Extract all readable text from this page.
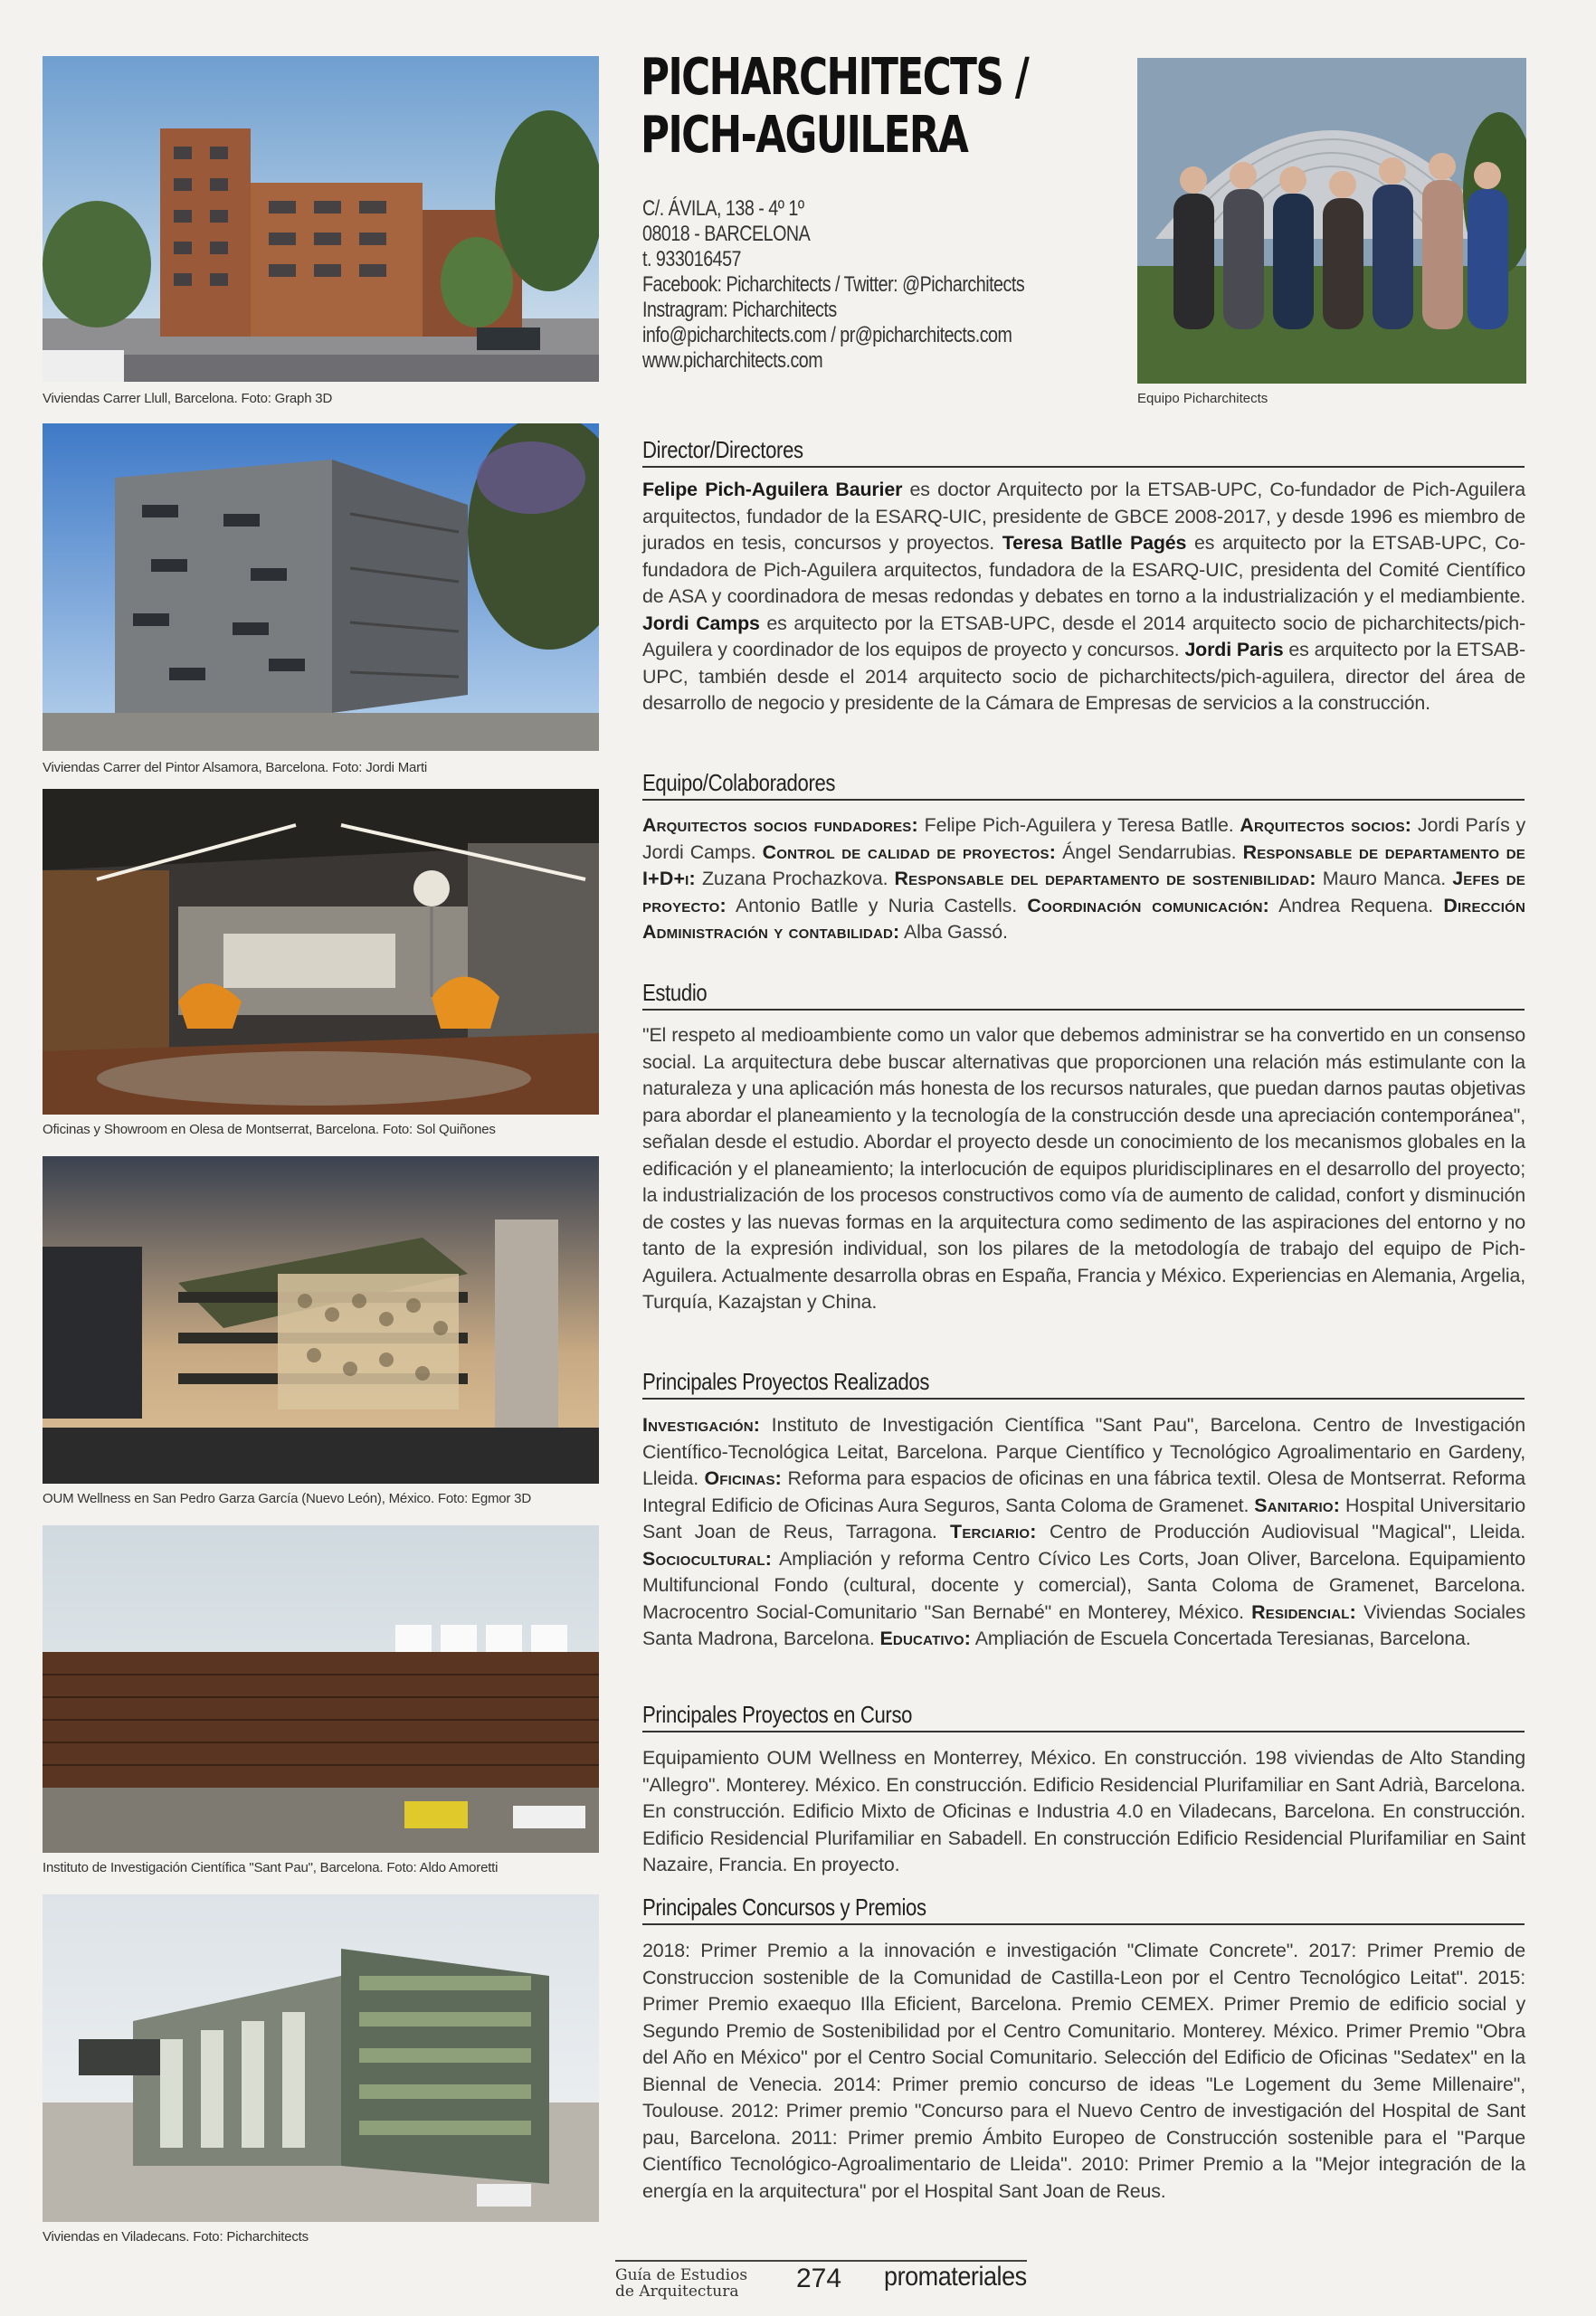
Viviendas Carrer Llull, Barcelona. Foto: Graph 3D
Viviendas Carrer del Pintor Alsamora, Barcelona. Foto: Jordi Marti
Oficinas y Showroom en Olesa de Montserrat, Barcelona. Foto: Sol Quiñones
OUM Wellness en San Pedro Garza García (Nuevo León), México. Foto: Egmor 3D
Instituto de Investigación Científica "Sant Pau", Barcelona. Foto: Aldo Amoretti
Viviendas en Viladecans. Foto: Picharchitects
PICHARCHITECTS /
PICH-AGUILERA
C/. ÁVILA, 138 - 4º 1º
08018 - BARCELONA
t. 933016457
Facebook: Picharchitects / Twitter: @Picharchitects
Instragram: Picharchitects
info@picharchitects.com / pr@picharchitects.com
www.picharchitects.com
Equipo Picharchitects
Director/Directores
Felipe Pich-Aguilera Baurier es doctor Arquitecto por la ETSAB-UPC, Co-fundador de Pich-Aguilera arquitectos, fundador de la ESARQ-UIC, presidente de GBCE 2008-2017, y desde 1996 es miembro de jurados en tesis, concursos y proyectos. Teresa Batlle Pagés es arquitecto por la ETSAB-UPC, Co-fundadora de Pich-Aguilera arquitectos, fundadora de la ESARQ-UIC, presidenta del Comité Científico de ASA y coordinadora de mesas redondas y debates en torno a la industrialización y el mediambiente. Jordi Camps es arquitecto por la ETSAB-UPC, desde el 2014 arquitecto socio de picharchitects/pich-Aguilera y coordinador de los equipos de proyecto y concursos. Jordi Paris es arquitecto por la ETSAB-UPC, también desde el 2014 arquitecto socio de picharchitects/pich-aguilera, director del área de desarrollo de negocio y presidente de la Cámara de Empresas de servicios a la construcción.
Equipo/Colaboradores
Arquitectos socios fundadores: Felipe Pich-Aguilera y Teresa Batlle. Arquitectos socios: Jordi París y Jordi Camps. Control de calidad de proyectos: Ángel Sendarrubias. Responsable de departamento de I+D+i: Zuzana Prochazkova. Responsable del departamento de sostenibilidad: Mauro Manca. Jefes de proyecto: Antonio Batlle y Nuria Castells. Coordinación comunicación: Andrea Requena. Dirección Administración y contabilidad: Alba Gassó.
Estudio
"El respeto al medioambiente como un valor que debemos administrar se ha convertido en un consenso social. La arquitectura debe buscar alternativas que proporcionen una relación más estimulante con la naturaleza y una aplicación más honesta de los recursos naturales, que puedan darnos pautas objetivas para abordar el planeamiento y la tecnología de la construcción desde una apreciación contemporánea", señalan desde el estudio. Abordar el proyecto desde un conocimiento de los mecanismos globales en la edificación y el planeamiento; la interlocución de equipos pluridisciplinares en el desarrollo del proyecto; la industrialización de los procesos constructivos como vía de aumento de calidad, confort y disminución de costes y las nuevas formas en la arquitectura como sedimento de las aspiraciones del entorno y no tanto de la expresión individual, son los pilares de la metodología de trabajo del equipo de Pich-Aguilera. Actualmente desarrolla obras en España, Francia y México. Experiencias en Alemania, Argelia, Turquía, Kazajstan y China.
Principales Proyectos Realizados
Investigación: Instituto de Investigación Científica "Sant Pau", Barcelona. Centro de Investigación Científico-Tecnológica Leitat, Barcelona. Parque Científico y Tecnológico Agroalimentario en Gardeny, Lleida. Oficinas: Reforma para espacios de oficinas en una fábrica textil. Olesa de Montserrat. Reforma Integral Edificio de Oficinas Aura Seguros, Santa Coloma de Gramenet. Sanitario: Hospital Universitario Sant Joan de Reus, Tarragona. Terciario: Centro de Producción Audiovisual "Magical", Lleida. Sociocultural: Ampliación y reforma Centro Cívico Les Corts, Joan Oliver, Barcelona. Equipamiento Multifuncional Fondo (cultural, docente y comercial), Santa Coloma de Gramenet, Barcelona. Macrocentro Social-Comunitario "San Bernabé" en Monterey, México. Residencial: Viviendas Sociales Santa Madrona, Barcelona. Educativo: Ampliación de Escuela Concertada Teresianas, Barcelona.
Principales Proyectos en Curso
Equipamiento OUM Wellness en Monterrey, México. En construcción. 198 viviendas de Alto Standing "Allegro". Monterey. México. En construcción. Edificio Residencial Plurifamiliar en Sant Adrià, Barcelona. En construcción. Edificio Mixto de Oficinas e Industria 4.0 en Viladecans, Barcelona. En construcción. Edificio Residencial Plurifamiliar en Sabadell. En construcción Edificio Residencial Plurifamiliar en Saint Nazaire, Francia. En proyecto.
Principales Concursos y Premios
2018: Primer Premio a la innovación e investigación "Climate Concrete". 2017: Primer Premio de Construccion sostenible de la Comunidad de Castilla-Leon por el Centro Tecnológico Leitat". 2015: Primer Premio exaequo Illa Eficient, Barcelona. Premio CEMEX. Primer Premio de edificio social y Segundo Premio de Sostenibilidad por el Centro Comunitario. Monterey. México. Primer Premio "Obra del Año en México" por el Centro Social Comunitario. Selección del Edificio de Oficinas "Sedatex" en la Biennal de Venecia. 2014: Primer premio concurso de ideas "Le Logement du 3eme Millenaire", Toulouse. 2012: Primer premio "Concurso para el Nuevo Centro de investigación del Hospital de Sant pau, Barcelona. 2011: Primer premio Ámbito Europeo de Construcción sostenible para el "Parque Científico Tecnológico-Agroalimentario de Lleida". 2010: Primer Premio a la "Mejor integración de la energía en la arquitectura" por el Hospital Sant Joan de Reus.
Guía de Estudios
de Arquitectura	274 promateriales
